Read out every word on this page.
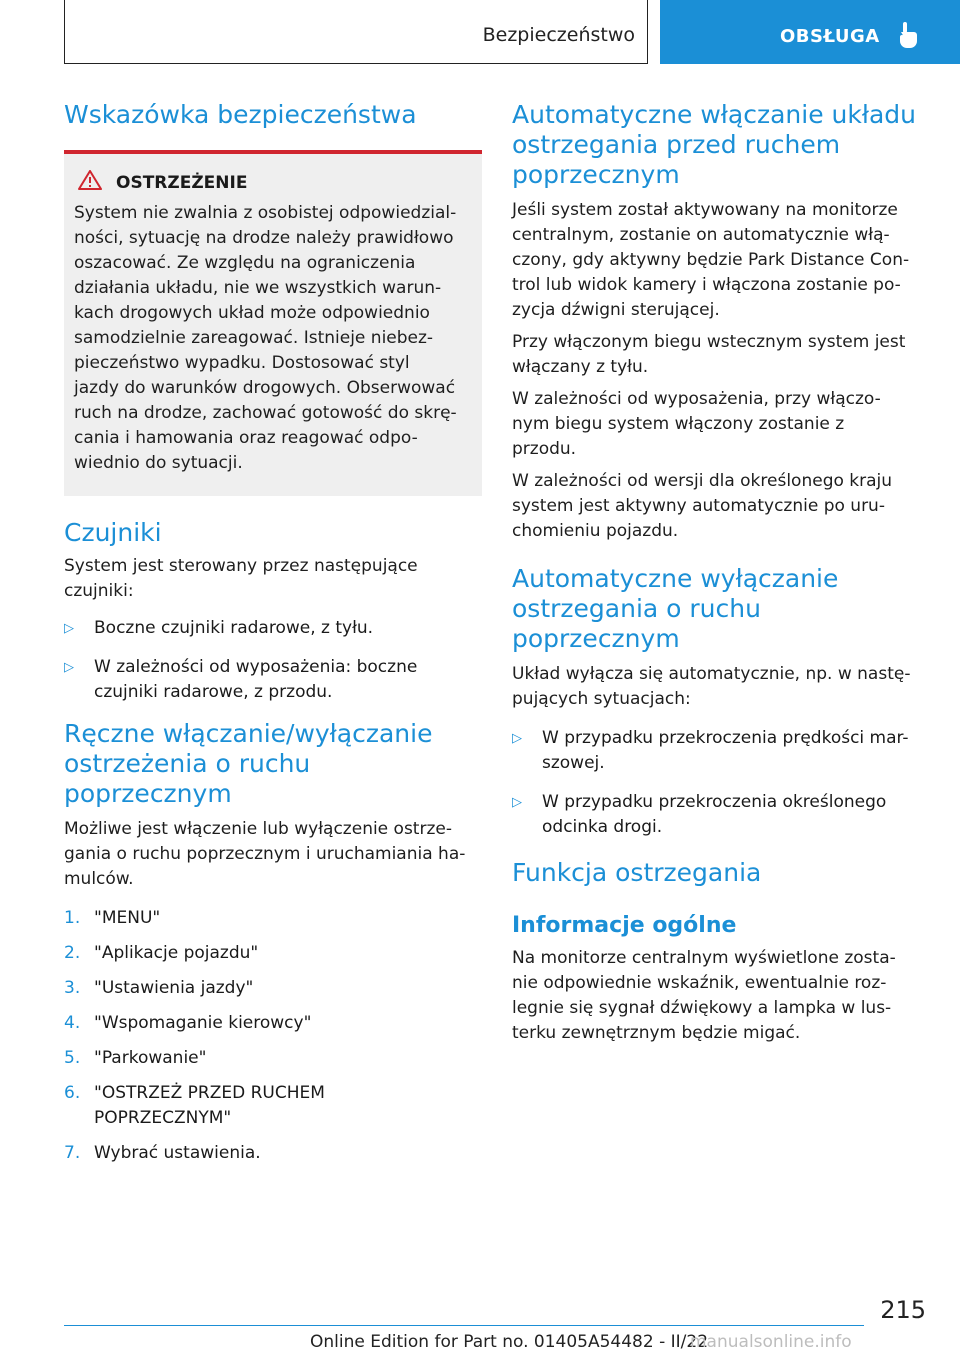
Bezpieczeństwo	OBSŁUGA
Wskazówka bezpieczeństwa
OSTRZEŻENIE

System nie zwalnia z osobistej odpowiedzial-
ności, sytuację na drodze należy prawidłowo
oszacować. Ze względu na ograniczenia
działania układu, nie we wszystkich warun-
kach drogowych układ może odpowiednio
samodzielnie zareagować. Istnieje niebez-
pieczeństwo wypadku. Dostosować styl
jazdy do warunków drogowych. Obserwować
ruch na drodze, zachować gotowość do skrę-
cania i hamowania oraz reagować odpo-
wiednio do sytuacji.

Czujniki

System jest sterowany przez następujące
czujniki:

▷	Boczne czujniki radarowe, z tyłu.
▷	W zależności od wyposażenia: boczne
czujniki radarowe, z przodu.
Ręczne włączanie/wyłączanie
ostrzeżenia o ruchu poprzecznym

Możliwe jest włączenie lub wyłączenie ostrze-
gania o ruchu poprzecznym i uruchamiania ha-
mulców.

1. "MENU"
2. "Aplikacje pojazdu"
3. "Ustawienia jazdy"
4. "Wspomaganie kierowcy"
5. "Parkowanie"
6. "OSTRZEŻ PRZED RUCHEM
POPRZECZNYM"
7. Wybrać ustawienia.
Automatyczne włączanie układu
ostrzegania przed ruchem
poprzecznym

Jeśli system został aktywowany na monitorze
centralnym, zostanie on automatycznie włą-
czony, gdy aktywny będzie Park Distance Con-
trol lub widok kamery i włączona zostanie po-
zycja dźwigni sterującej.

Przy włączonym biegu wstecznym system jest
włączany z tyłu.

W zależności od wyposażenia, przy włączo-
nym biegu system włączony zostanie z
przodu.

W zależności od wersji dla określonego kraju
system jest aktywny automatycznie po uru-
chomieniu pojazdu.

Automatyczne wyłączanie
ostrzegania o ruchu poprzecznym

Układ wyłącza się automatycznie, np. w nastę-
pujących sytuacjach:

▷	W przypadku przekroczenia prędkości mar-
szowej.
▷	W przypadku przekroczenia określonego
odcinka drogi.
Funkcja ostrzegania
Informacje ogólne

Na monitorze centralnym wyświetlone zosta-
nie odpowiednie wskaźnik, ewentualnie roz-
legnie się sygnał dźwiękowy a lampka w lus-
terku zewnętrznym będzie migać.

215
Online Edition for Part no. 01405A54482 - II/22
manualsonline.info
